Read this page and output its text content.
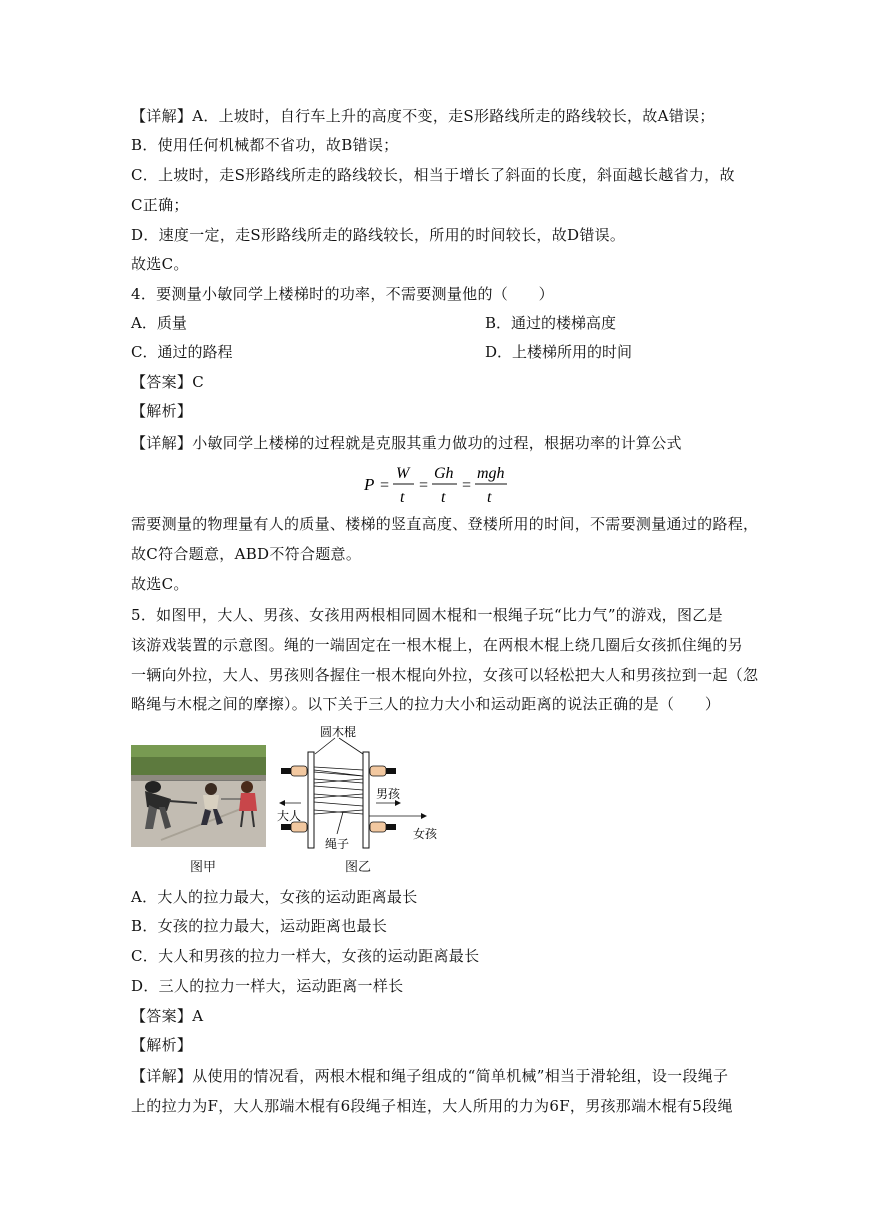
【详解】A．上坡时，自行车上升的高度不变，走S形路线所走的路线较长，故A错误；
B．使用任何机械都不省功，故B错误；
C．上坡时，走S形路线所走的路线较长，相当于增长了斜面的长度，斜面越长越省力，故
C正确；
D．速度一定，走S形路线所走的路线较长，所用的时间较长，故D错误。
故选C。
4．要测量小敏同学上楼梯时的功率，不需要测量他的（　　）
A．质量	B．通过的楼梯高度
C．通过的路程	D．上楼梯所用的时间
【答案】C
【解析】
【详解】小敏同学上楼梯的过程就是克服其重力做功的过程，根据功率的计算公式
P =
W
t
=
Gh
t
=
mgh
t
需要测量的物理量有人的质量、楼梯的竖直高度、登楼所用的时间，不需要测量通过的路程，
故C符合题意，ABD不符合题意。
故选C。
5．如图甲，大人、男孩、女孩用两根相同圆木棍和一根绳子玩“比力气”的游戏，图乙是
该游戏装置的示意图。绳的一端固定在一根木棍上，在两根木棍上绕几圈后女孩抓住绳的另
一辆向外拉，大人、男孩则各握住一根木棍向外拉，女孩可以轻松把大人和男孩拉到一起（忽
略绳与木棍之间的摩擦）。以下关于三人的拉力大小和运动距离的说法正确的是（　　）
图甲
圆木棍
大人
男孩
女孩
绳子
图乙
A．大人的拉力最大，女孩的运动距离最长
B．女孩的拉力最大，运动距离也最长
C．大人和男孩的拉力一样大，女孩的运动距离最长
D．三人的拉力一样大，运动距离一样长
【答案】A
【解析】
【详解】从使用的情况看，两根木棍和绳子组成的“简单机械”相当于滑轮组，设一段绳子
上的拉力为F，大人那端木棍有6段绳子相连，大人所用的力为6F，男孩那端木棍有5段绳
